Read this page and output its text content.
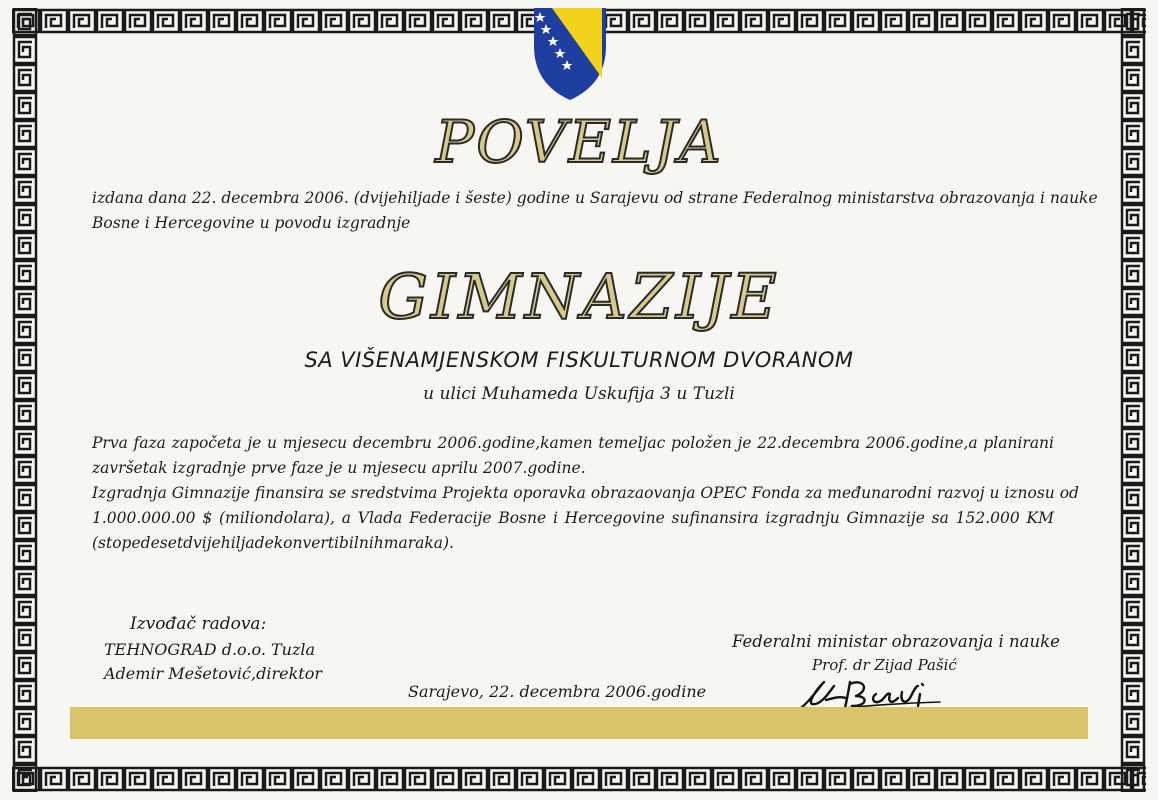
POVELJA
izdana dana 22. decembra 2006. (dvijehiljade i šeste) godine u Sarajevu od strane Federalnog ministarstva obrazovanja i nauke
Bosne i Hercegovine u povodu izgradnje
GIMNAZIJE
SA VIŠENAMJENSKOM FISKULTURNOM DVORANOM
u ulici Muhameda Uskufija 3 u Tuzli
Prva faza započeta je u mjesecu decembru 2006.godine,kamen temeljac položen je 22.decembra 2006.godine,a planirani
završetak izgradnje prve faze je u mjesecu aprilu 2007.godine.
Izgradnja Gimnazije finansira se sredstvima Projekta oporavka obrazaovanja OPEC Fonda za međunarodni razvoj u iznosu od
1.000.000.00 $ (miliondolara), a Vlada Federacije Bosne i Hercegovine sufinansira izgradnju Gimnazije sa 152.000 KM
(stopedesetdvijehiljadekonvertibilnihmaraka).
Izvođač radova:
TEHNOGRAD d.o.o. Tuzla
Ademir Mešetović,direktor
Federalni ministar obrazovanja i nauke
Prof. dr Zijad Pašić
Sarajevo, 22. decembra 2006.godine
